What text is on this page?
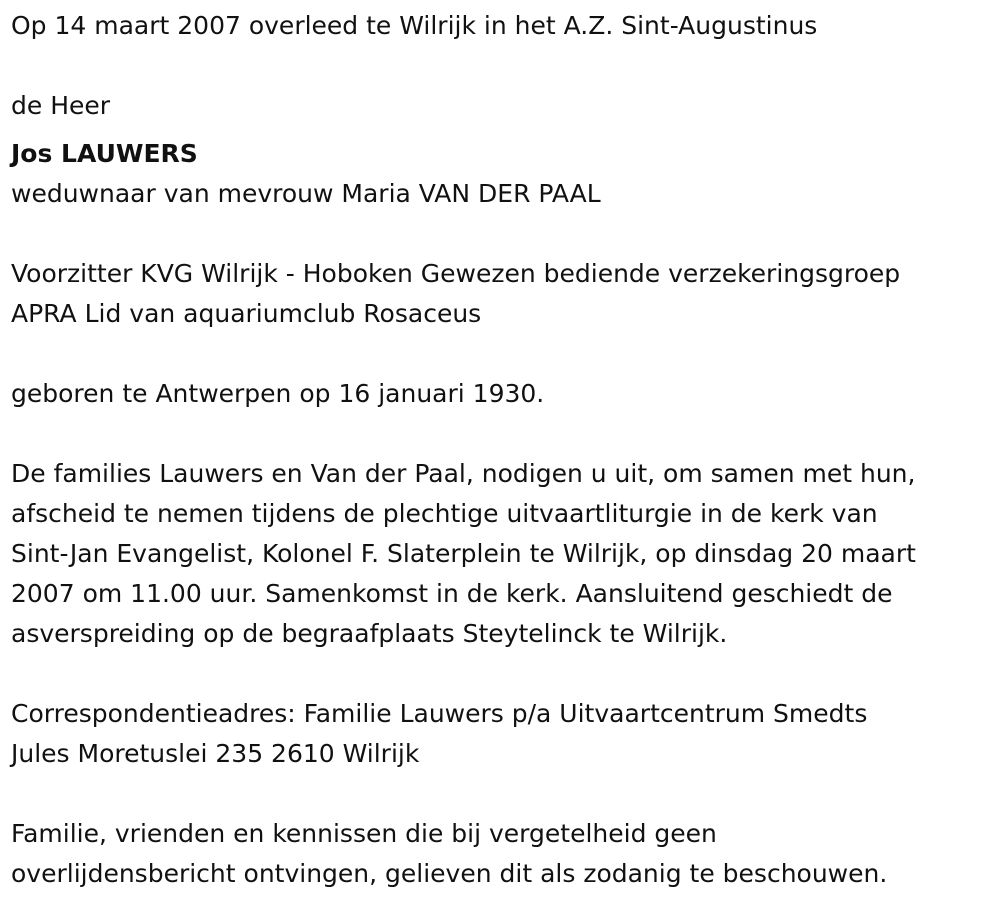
Op 14 maart 2007 overleed te Wilrijk in het A.Z. Sint-Augustinus
de Heer
Jos LAUWERS
weduwnaar van mevrouw Maria VAN DER PAAL
Voorzitter KVG Wilrijk - Hoboken Gewezen bediende verzekeringsgroep
APRA Lid van aquariumclub Rosaceus
geboren te Antwerpen op 16 januari 1930.
De families Lauwers en Van der Paal, nodigen u uit, om samen met hun,
afscheid te nemen tijdens de plechtige uitvaartliturgie in de kerk van
Sint-Jan Evangelist, Kolonel F. Slaterplein te Wilrijk, op dinsdag 20 maart
2007 om 11.00 uur. Samenkomst in de kerk. Aansluitend geschiedt de
asverspreiding op de begraafplaats Steytelinck te Wilrijk.
Correspondentieadres: Familie Lauwers p/a Uitvaartcentrum Smedts
Jules Moretuslei 235 2610 Wilrijk
Familie, vrienden en kennissen die bij vergetelheid geen
overlijdensbericht ontvingen, gelieven dit als zodanig te beschouwen.
